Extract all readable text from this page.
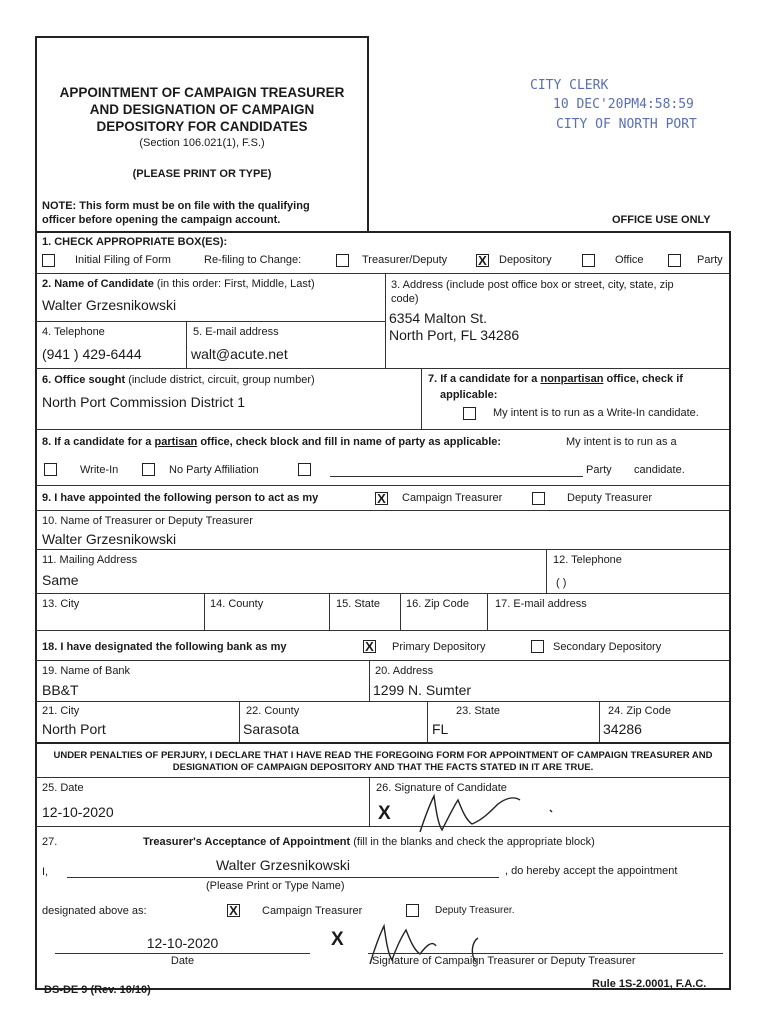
APPOINTMENT OF CAMPAIGN TREASURER
AND DESIGNATION OF CAMPAIGN
DEPOSITORY FOR CANDIDATES
(Section 106.021(1), F.S.)
(PLEASE PRINT OR TYPE)
NOTE: This form must be on file with the qualifying
officer before opening the campaign account.	OFFICE USE ONLY
CITY CLERK
10 DEC'20PM4:58:59
CITY OF NORTH PORT
1. CHECK APPROPRIATE BOX(ES):
Initial Filing of Form	Re-filing to Change:	Treasurer/Deputy X Depository	Office	Party
2. Name of Candidate (in this order: First, Middle, Last)
Walter Grzesnikowski
3. Address (include post office box or street, city, state, zip
code)
6354 Malton St.
North Port, FL 34286
4. Telephone	5. E-mail address
(941 ) 429-6444	walt@acute.net
6. Office sought (include district, circuit, group number)
North Port Commission District 1
7. If a candidate for a nonpartisan office, check if
applicable:
My intent is to run as a Write-In candidate.
8. If a candidate for a partisan office, check block and fill in name of party as applicable:	My intent is to run as a
Write-In	No Party Affiliation	Party candidate.
9. I have appointed the following person to act as my	X Campaign Treasurer	Deputy Treasurer
10. Name of Treasurer or Deputy Treasurer
Walter Grzesnikowski
11. Mailing Address
Same
12. Telephone
( )
13. City	14. County	15. State 16. Zip Code 17. E-mail address
18. I have designated the following bank as my	X Primary Depository	Secondary Depository
19. Name of Bank
BB&T
20. Address
1299 N. Sumter
21. City
North Port
22. County
Sarasota
23. State
FL
24. Zip Code
34286
UNDER PENALTIES OF PERJURY, I DECLARE THAT I HAVE READ THE FOREGOING FORM FOR APPOINTMENT OF CAMPAIGN TREASURER AND
DESIGNATION OF CAMPAIGN DEPOSITORY AND THAT THE FACTS STATED IN IT ARE TRUE.
25. Date
12-10-2020
26. Signature of Candidate
X
27.	Treasurer's Acceptance of Appointment (fill in the blanks and check the appropriate block)
I,	Walter Grzesnikowski	, do hereby accept the appointment
(Please Print or Type Name)
designated above as:	X Campaign Treasurer	Deputy Treasurer.
12-10-2020
Date
X
Signature of Campaign Treasurer or Deputy Treasurer
DS-DE 9 (Rev. 10/10)	Rule 1S-2.0001, F.A.C.
